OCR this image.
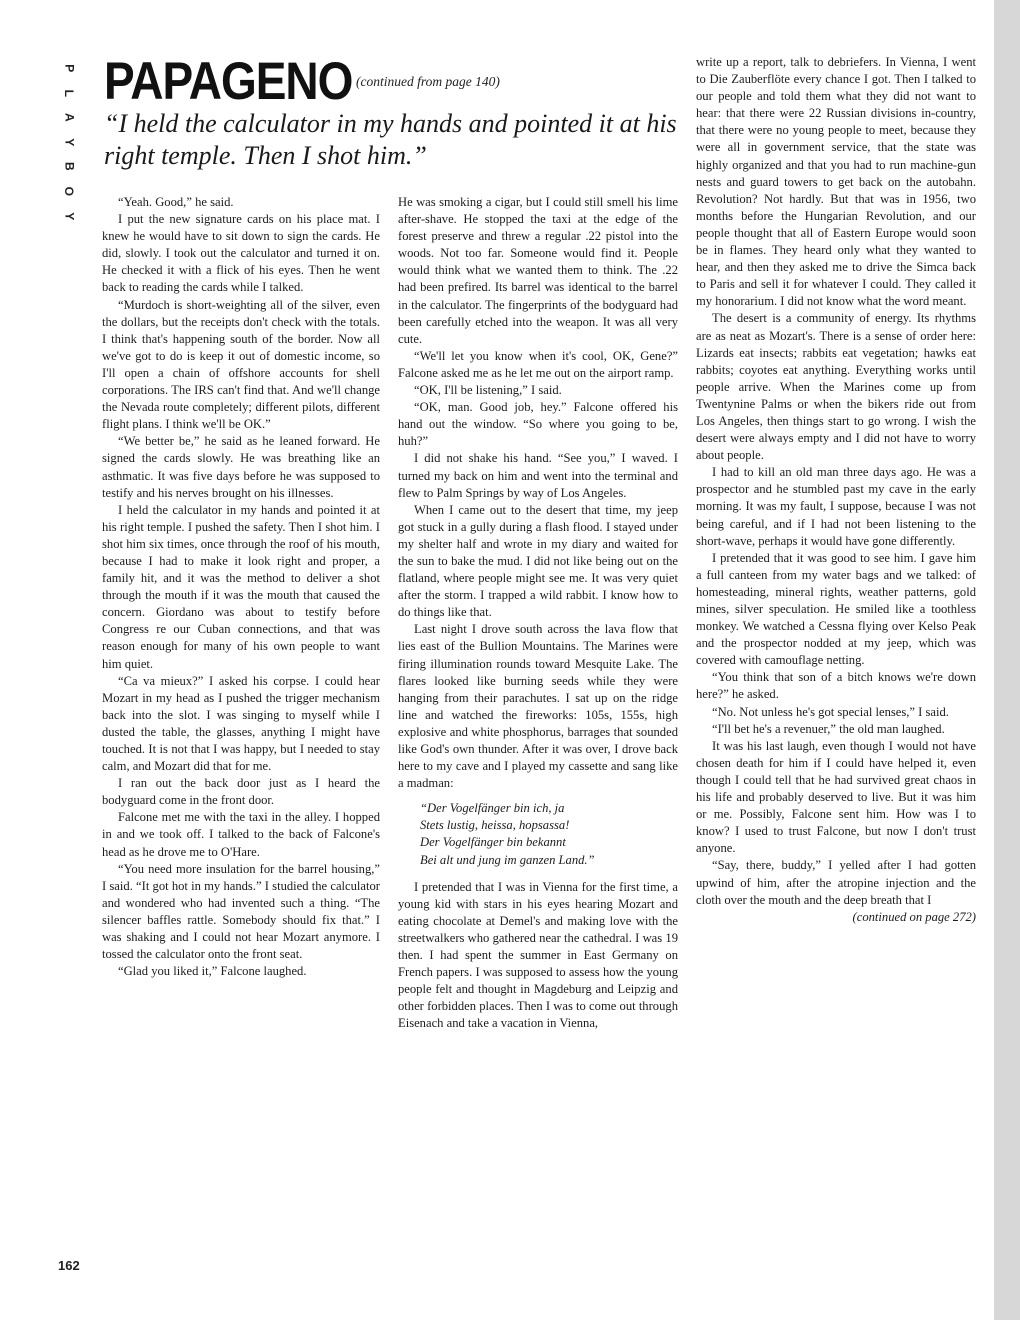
P
L
A
Y
B
O
Y
PAPAGENO (continued from page 140)
“I held the calculator in my hands and pointed it at his right temple. Then I shot him.”

“Yeah. Good,” he said.

I put the new signature cards on his place mat. I knew he would have to sit down to sign the cards. He did, slowly. I took out the calculator and turned it on. He checked it with a flick of his eyes. Then he went back to reading the cards while I talked.

“Murdoch is short-weighting all of the silver, even the dollars, but the receipts don't check with the totals. I think that's happening south of the border. Now all we've got to do is keep it out of domestic income, so I'll open a chain of offshore accounts for shell corporations. The IRS can't find that. And we'll change the Nevada route completely; different pilots, different flight plans. I think we'll be OK.”

“We better be,” he said as he leaned forward. He signed the cards slowly. He was breathing like an asthmatic. It was five days before he was supposed to testify and his nerves brought on his illnesses.

I held the calculator in my hands and pointed it at his right temple. I pushed the safety. Then I shot him. I shot him six times, once through the roof of his mouth, because I had to make it look right and proper, a family hit, and it was the method to deliver a shot through the mouth if it was the mouth that caused the concern. Giordano was about to testify before Congress re our Cuban connections, and that was reason enough for many of his own people to want him quiet.

“Ca va mieux?” I asked his corpse. I could hear Mozart in my head as I pushed the trigger mechanism back into the slot. I was singing to myself while I dusted the table, the glasses, anything I might have touched. It is not that I was happy, but I needed to stay calm, and Mozart did that for me.

I ran out the back door just as I heard the bodyguard come in the front door.

Falcone met me with the taxi in the alley. I hopped in and we took off. I talked to the back of Falcone's head as he drove me to O'Hare.

“You need more insulation for the barrel housing,” I said. “It got hot in my hands.” I studied the calculator and wondered who had invented such a thing. “The silencer baffles rattle. Somebody should fix that.” I was shaking and I could not hear Mozart anymore. I tossed the calculator onto the front seat.

“Glad you liked it,” Falcone laughed.

He was smoking a cigar, but I could still smell his lime after-shave. He stopped the taxi at the edge of the forest preserve and threw a regular .22 pistol into the woods. Not too far. Someone would find it. People would think what we wanted them to think. The .22 had been prefired. Its barrel was identical to the barrel in the calculator. The fingerprints of the bodyguard had been carefully etched into the weapon. It was all very cute.

“We'll let you know when it's cool, OK, Gene?” Falcone asked me as he let me out on the airport ramp.

“OK, I'll be listening,” I said.

“OK, man. Good job, hey.” Falcone offered his hand out the window. “So where you going to be, huh?”

I did not shake his hand. “See you,” I waved. I turned my back on him and went into the terminal and flew to Palm Springs by way of Los Angeles.

When I came out to the desert that time, my jeep got stuck in a gully during a flash flood. I stayed under my shelter half and wrote in my diary and waited for the sun to bake the mud. I did not like being out on the flatland, where people might see me. It was very quiet after the storm. I trapped a wild rabbit. I know how to do things like that.

Last night I drove south across the lava flow that lies east of the Bullion Mountains. The Marines were firing illumination rounds toward Mesquite Lake. The flares looked like burning seeds while they were hanging from their parachutes. I sat up on the ridge line and watched the fireworks: 105s, 155s, high explosive and white phosphorus, barrages that sounded like God's own thunder. After it was over, I drove back here to my cave and I played my cassette and sang like a madman:

“Der Vogelfänger bin ich, ja
Stets lustig, heissa, hopsassa!
Der Vogelfänger bin bekannt
Bei alt und jung im ganzen Land.”

I pretended that I was in Vienna for the first time, a young kid with stars in his eyes hearing Mozart and eating chocolate at Demel's and making love with the streetwalkers who gathered near the cathedral. I was 19 then. I had spent the summer in East Germany on French papers. I was supposed to assess how the young people felt and thought in Magdeburg and Leipzig and other forbidden places. Then I was to come out through Eisenach and take a vacation in Vienna,

write up a report, talk to debriefers. In Vienna, I went to Die Zauberflöte every chance I got. Then I talked to our people and told them what they did not want to hear: that there were 22 Russian divisions in-country, that there were no young people to meet, because they were all in government service, that the state was highly organized and that you had to run machine-gun nests and guard towers to get back on the autobahn. Revolution? Not hardly. But that was in 1956, two months before the Hungarian Revolution, and our people thought that all of Eastern Europe would soon be in flames. They heard only what they wanted to hear, and then they asked me to drive the Simca back to Paris and sell it for whatever I could. They called it my honorarium. I did not know what the word meant.

The desert is a community of energy. Its rhythms are as neat as Mozart's. There is a sense of order here: Lizards eat insects; rabbits eat vegetation; hawks eat rabbits; coyotes eat anything. Everything works until people arrive. When the Marines come up from Twentynine Palms or when the bikers ride out from Los Angeles, then things start to go wrong. I wish the desert were always empty and I did not have to worry about people.

I had to kill an old man three days ago. He was a prospector and he stumbled past my cave in the early morning. It was my fault, I suppose, because I was not being careful, and if I had not been listening to the short-wave, perhaps it would have gone differently.

I pretended that it was good to see him. I gave him a full canteen from my water bags and we talked: of homesteading, mineral rights, weather patterns, gold mines, silver speculation. He smiled like a toothless monkey. We watched a Cessna flying over Kelso Peak and the prospector nodded at my jeep, which was covered with camouflage netting.

“You think that son of a bitch knows we're down here?” he asked.

“No. Not unless he's got special lenses,” I said.

“I'll bet he's a revenuer,” the old man laughed.

It was his last laugh, even though I would not have chosen death for him if I could have helped it, even though I could tell that he had survived great chaos in his life and probably deserved to live. But it was him or me. Possibly, Falcone sent him. How was I to know? I used to trust Falcone, but now I don't trust anyone.

“Say, there, buddy,” I yelled after I had gotten upwind of him, after the atropine injection and the cloth over the mouth and the deep breath that I

(continued on page 272)

162
